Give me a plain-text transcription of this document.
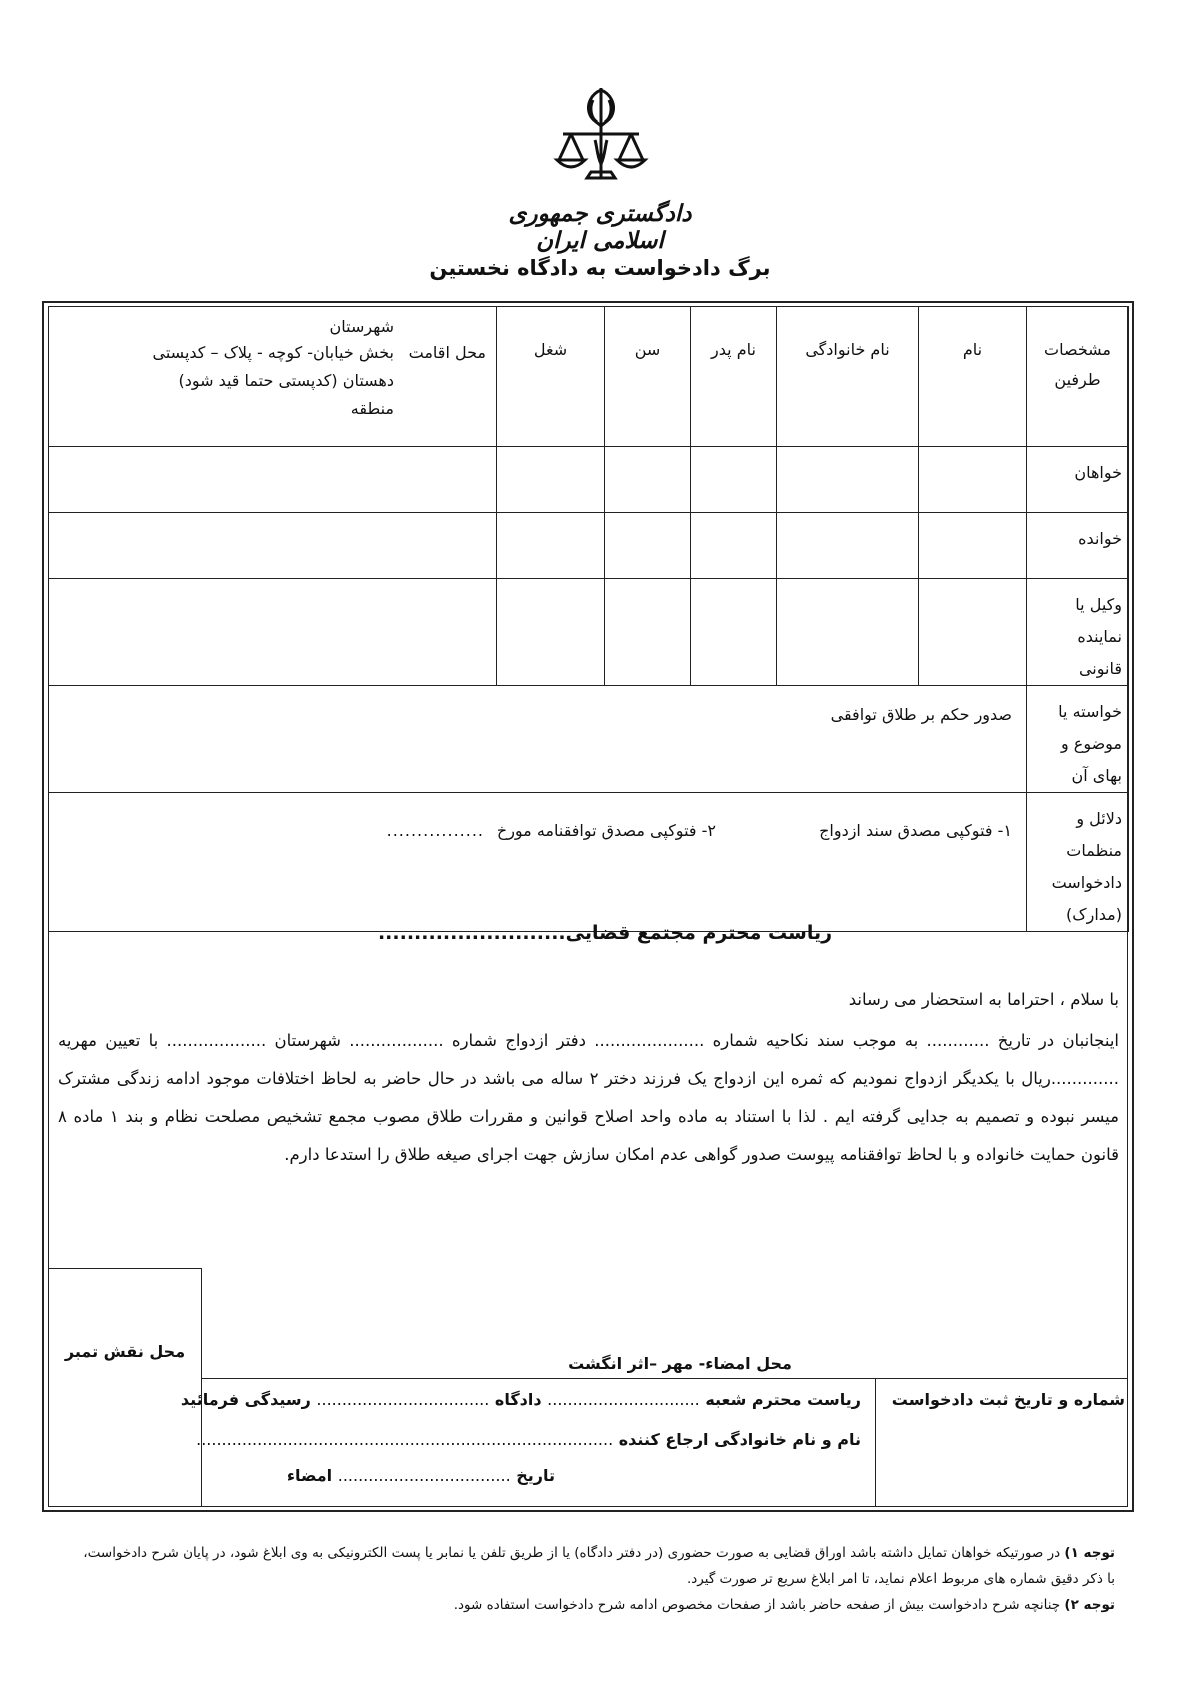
دادگستری جمهوری اسلامی ایران
برگ دادخواست به دادگاه نخستین
مشخصات طرفین	نام	نام خانوادگی	نام پدر	سن	شغل	محل اقامت
شهرستان
بخش خیابان- کوچه - پلاک – کدپستی
دهستان (کدپستی حتما قید شود)
منطقه

خواهان						
خوانده						
وکیل یا نماینده قانونی						
خواسته یا موضوع و بهای آن	صدور حکم بر طلاق توافقی					
دلائل و منظمات دادخواست (مدارک)	۱- فتوکپی مصدق سند ازدواج
۲- فتوکپی مصدق توافقنامه مورخ
................					
ریاست محترم مجتمع قضایی..........................
با سلام ، احتراما به استحضار می رساند
اینجانبان در تاریخ ............ به موجب سند نکاحیه شماره ..................... دفتر ازدواج شماره .................. شهرستان ................... با تعیین مهریه .............ریال با یکدیگر ازدواج نمودیم که ثمره این ازدواج یک فرزند دختر ۲ ساله می باشد در حال حاضر به لحاظ اختلافات موجود ادامه زندگی مشترک میسر نبوده و تصمیم به جدایی گرفته ایم . لذا با استناد به ماده واحد اصلاح قوانین و مقررات طلاق مصوب مجمع تشخیص مصلحت نظام و بند ۱ ماده ۸ قانون حمایت خانواده و با لحاظ توافقنامه پیوست صدور گواهی عدم امکان سازش جهت اجرای صیغه طلاق را استدعا دارم.
محل نقش تمبر
محل امضاء- مهر –اثر انگشت
شماره و تاریخ ثبت دادخواست
ریاست محترم شعبه .............................. دادگاه .................................. رسیدگی فرمائید
نام و نام خانوادگی ارجاع کننده ..................................................................................
تاریخ .................................. امضاء
توجه ۱) در صورتیکه خواهان تمایل داشته باشد اوراق قضایی به صورت حضوری (در دفتر دادگاه) یا از طریق تلفن یا نمابر یا پست الکترونیکی به وی ابلاغ شود، در پایان شرح دادخواست، با ذکر دقیق شماره های مربوط اعلام نماید، تا امر ابلاغ سریع تر صورت گیرد.
توجه ۲) چنانچه شرح دادخواست بیش از صفحه حاضر باشد از صفحات مخصوص ادامه شرح دادخواست استفاده شود.
